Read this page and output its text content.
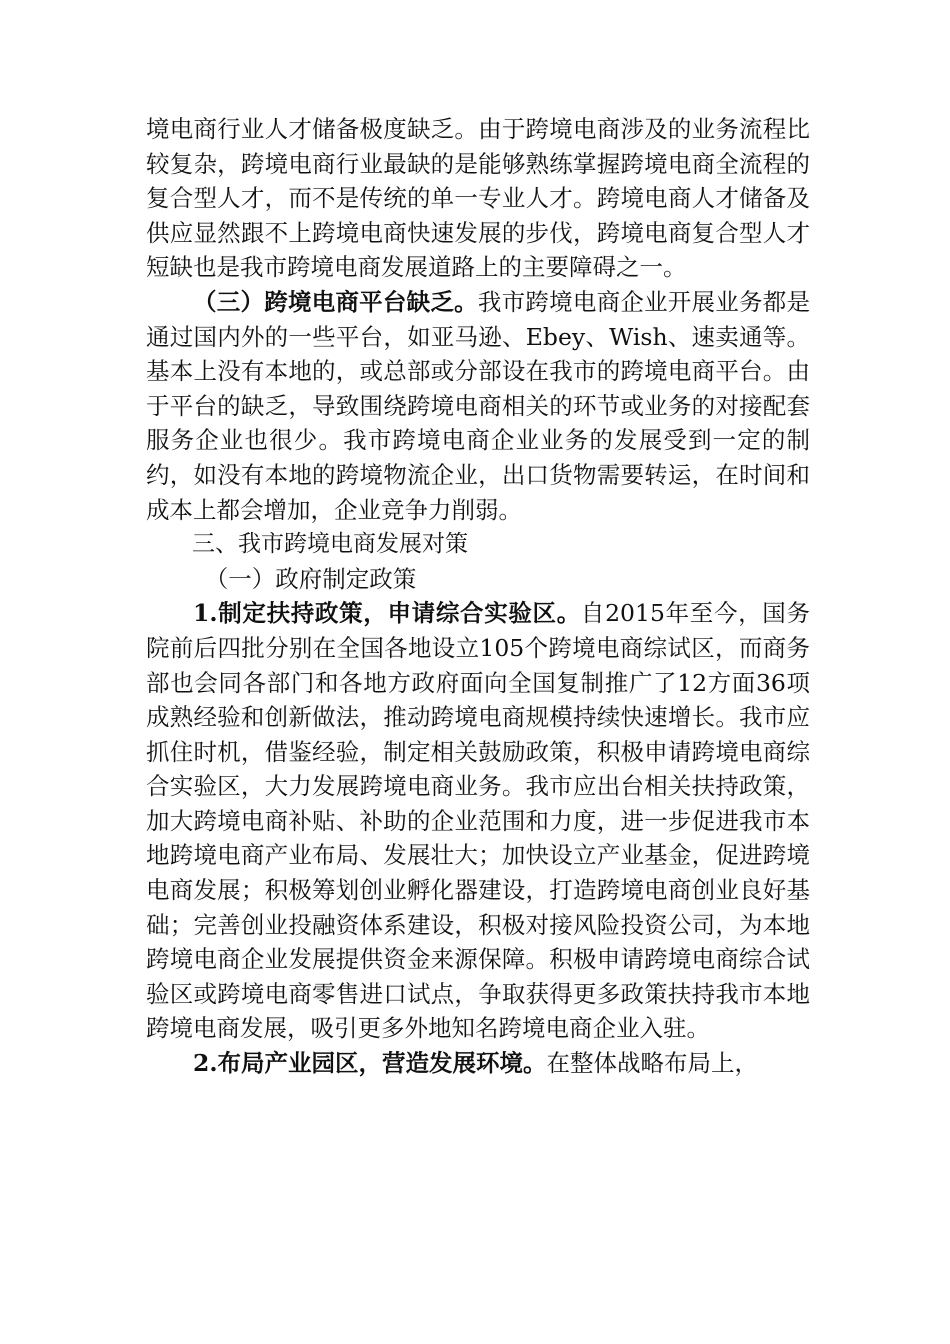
境电商行业人才储备极度缺乏。由于跨境电商涉及的业务流程比较复杂，跨境电商行业最缺的是能够熟练掌握跨境电商全流程的复合型人才，而不是传统的单一专业人才。跨境电商人才储备及供应显然跟不上跨境电商快速发展的步伐，跨境电商复合型人才短缺也是我市跨境电商发展道路上的主要障碍之一。

（三）跨境电商平台缺乏。我市跨境电商企业开展业务都是通过国内外的一些平台，如亚马逊、Ebey、Wish、速卖通等。基本上没有本地的，或总部或分部设在我市的跨境电商平台。由于平台的缺乏，导致围绕跨境电商相关的环节或业务的对接配套服务企业也很少。我市跨境电商企业业务的发展受到一定的制约，如没有本地的跨境物流企业，出口货物需要转运，在时间和成本上都会增加，企业竞争力削弱。

三、我市跨境电商发展对策

（一）政府制定政策

1.制定扶持政策，申请综合实验区。自2015年至今，国务院前后四批分别在全国各地设立105个跨境电商综试区，而商务部也会同各部门和各地方政府面向全国复制推广了12方面36项成熟经验和创新做法，推动跨境电商规模持续快速增长。我市应抓住时机，借鉴经验，制定相关鼓励政策，积极申请跨境电商综合实验区，大力发展跨境电商业务。我市应出台相关扶持政策，加大跨境电商补贴、补助的企业范围和力度，进一步促进我市本地跨境电商产业布局、发展壮大；加快设立产业基金，促进跨境电商发展；积极筹划创业孵化器建设，打造跨境电商创业良好基础；完善创业投融资体系建设，积极对接风险投资公司，为本地跨境电商企业发展提供资金来源保障。积极申请跨境电商综合试验区或跨境电商零售进口试点，争取获得更多政策扶持我市本地跨境电商发展，吸引更多外地知名跨境电商企业入驻。

2.布局产业园区，营造发展环境。在整体战略布局上，
